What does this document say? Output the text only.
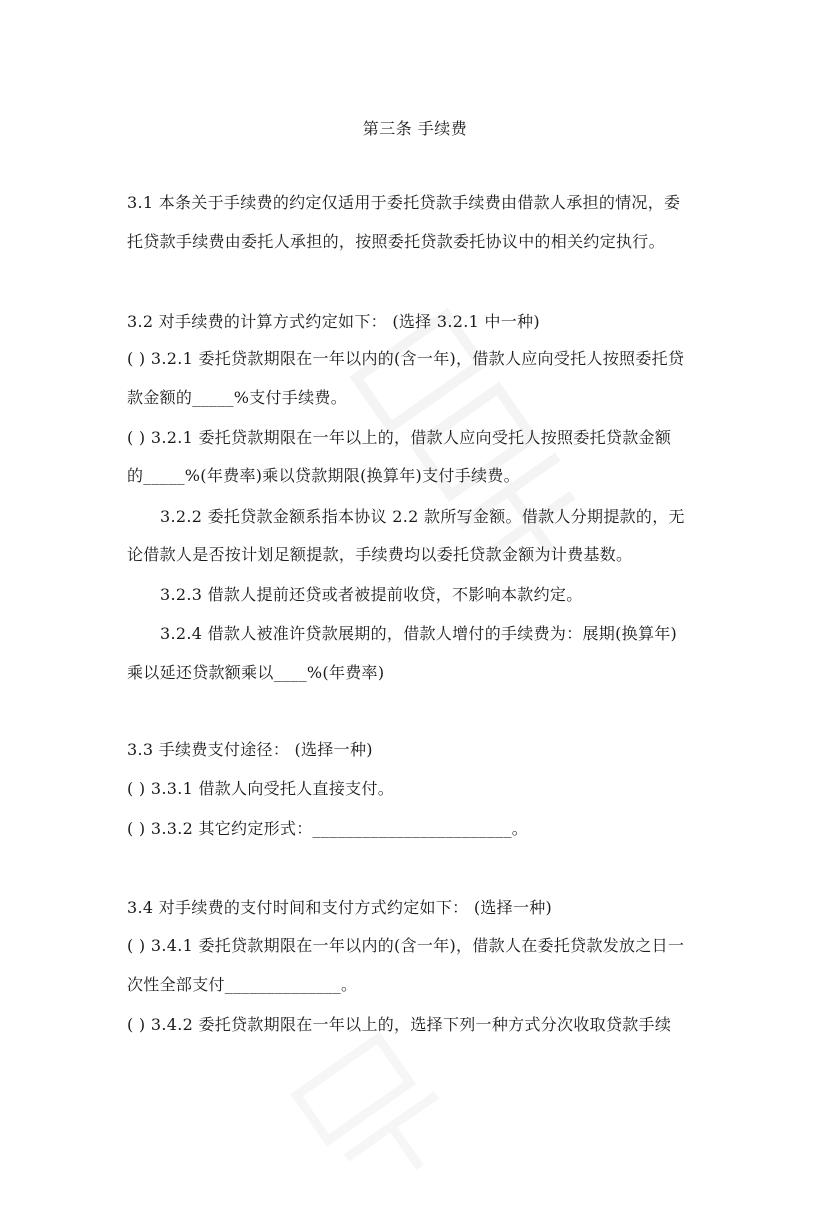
第三条 手续费
3.1 本条关于手续费的约定仅适用于委托贷款手续费由借款人承担的情况，委
托贷款手续费由委托人承担的，按照委托贷款委托协议中的相关约定执行。
3.2 对手续费的计算方式约定如下： (选择 3.2.1 中一种)
( ) 3.2.1 委托贷款期限在一年以内的(含一年)，借款人应向受托人按照委托贷
款金额的_____%支付手续费。
( ) 3.2.1 委托贷款期限在一年以上的，借款人应向受托人按照委托贷款金额
的_____%(年费率)乘以贷款期限(换算年)支付手续费。
3.2.2 委托贷款金额系指本协议 2.2 款所写金额。借款人分期提款的，无
论借款人是否按计划足额提款，手续费均以委托贷款金额为计费基数。
3.2.3 借款人提前还贷或者被提前收贷，不影响本款约定。
3.2.4 借款人被准许贷款展期的，借款人增付的手续费为：展期(换算年)
乘以延还贷款额乘以____%(年费率)
3.3 手续费支付途径： (选择一种)
( ) 3.3.1 借款人向受托人直接支付。
( ) 3.3.2 其它约定形式：________________________。
3.4 对手续费的支付时间和支付方式约定如下： (选择一种)
( ) 3.4.1 委托贷款期限在一年以内的(含一年)，借款人在委托贷款发放之日一
次性全部支付______________。
( ) 3.4.2 委托贷款期限在一年以上的，选择下列一种方式分次收取贷款手续
